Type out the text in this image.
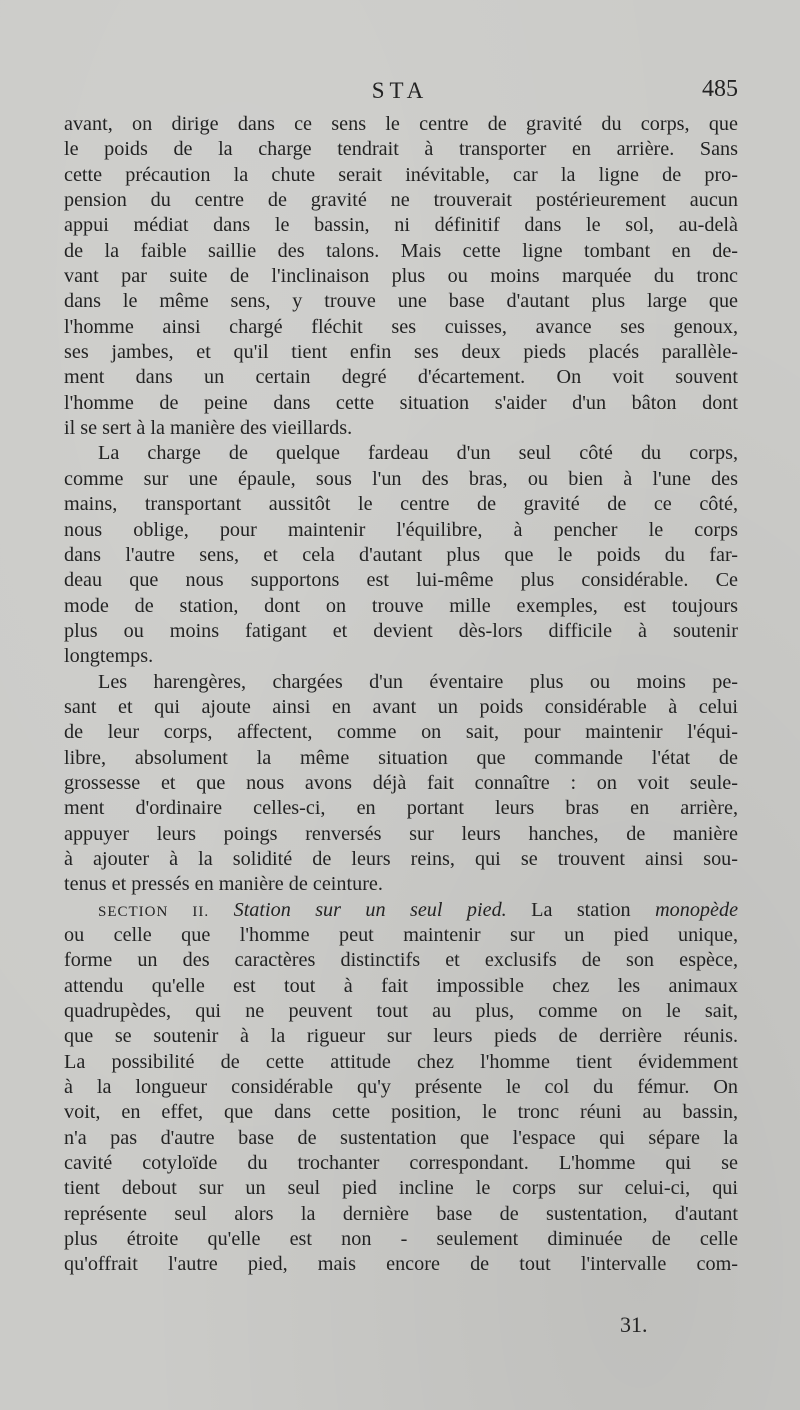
STA	485
avant, on dirige dans ce sens le centre de gravité du corps, que
le poids de la charge tendrait à transporter en arrière. Sans
cette précaution la chute serait inévitable, car la ligne de pro-
pension du centre de gravité ne trouverait postérieurement aucun
appui médiat dans le bassin, ni définitif dans le sol, au-delà
de la faible saillie des talons. Mais cette ligne tombant en de-
vant par suite de l'inclinaison plus ou moins marquée du tronc
dans le même sens, y trouve une base d'autant plus large que
l'homme ainsi chargé fléchit ses cuisses, avance ses genoux,
ses jambes, et qu'il tient enfin ses deux pieds placés parallèle-
ment dans un certain degré d'écartement. On voit souvent
l'homme de peine dans cette situation s'aider d'un bâton dont
il se sert à la manière des vieillards.
La charge de quelque fardeau d'un seul côté du corps,
comme sur une épaule, sous l'un des bras, ou bien à l'une des
mains, transportant aussitôt le centre de gravité de ce côté,
nous oblige, pour maintenir l'équilibre, à pencher le corps
dans l'autre sens, et cela d'autant plus que le poids du far-
deau que nous supportons est lui-même plus considérable. Ce
mode de station, dont on trouve mille exemples, est toujours
plus ou moins fatigant et devient dès-lors difficile à soutenir
longtemps.
Les harengères, chargées d'un éventaire plus ou moins pe-
sant et qui ajoute ainsi en avant un poids considérable à celui
de leur corps, affectent, comme on sait, pour maintenir l'équi-
libre, absolument la même situation que commande l'état de
grossesse et que nous avons déjà fait connaître : on voit seule-
ment d'ordinaire celles-ci, en portant leurs bras en arrière,
appuyer leurs poings renversés sur leurs hanches, de manière
à ajouter à la solidité de leurs reins, qui se trouvent ainsi sou-
tenus et pressés en manière de ceinture.
SECTION II. Station sur un seul pied. La station monopède
ou celle que l'homme peut maintenir sur un pied unique,
forme un des caractères distinctifs et exclusifs de son espèce,
attendu qu'elle est tout à fait impossible chez les animaux
quadrupèdes, qui ne peuvent tout au plus, comme on le sait,
que se soutenir à la rigueur sur leurs pieds de derrière réunis.
La possibilité de cette attitude chez l'homme tient évidemment
à la longueur considérable qu'y présente le col du fémur. On
voit, en effet, que dans cette position, le tronc réuni au bassin,
n'a pas d'autre base de sustentation que l'espace qui sépare la
cavité cotyloïde du trochanter correspondant. L'homme qui se
tient debout sur un seul pied incline le corps sur celui-ci, qui
représente seul alors la dernière base de sustentation, d'autant
plus étroite qu'elle est non - seulement diminuée de celle
qu'offrait l'autre pied, mais encore de tout l'intervalle com-
31.
